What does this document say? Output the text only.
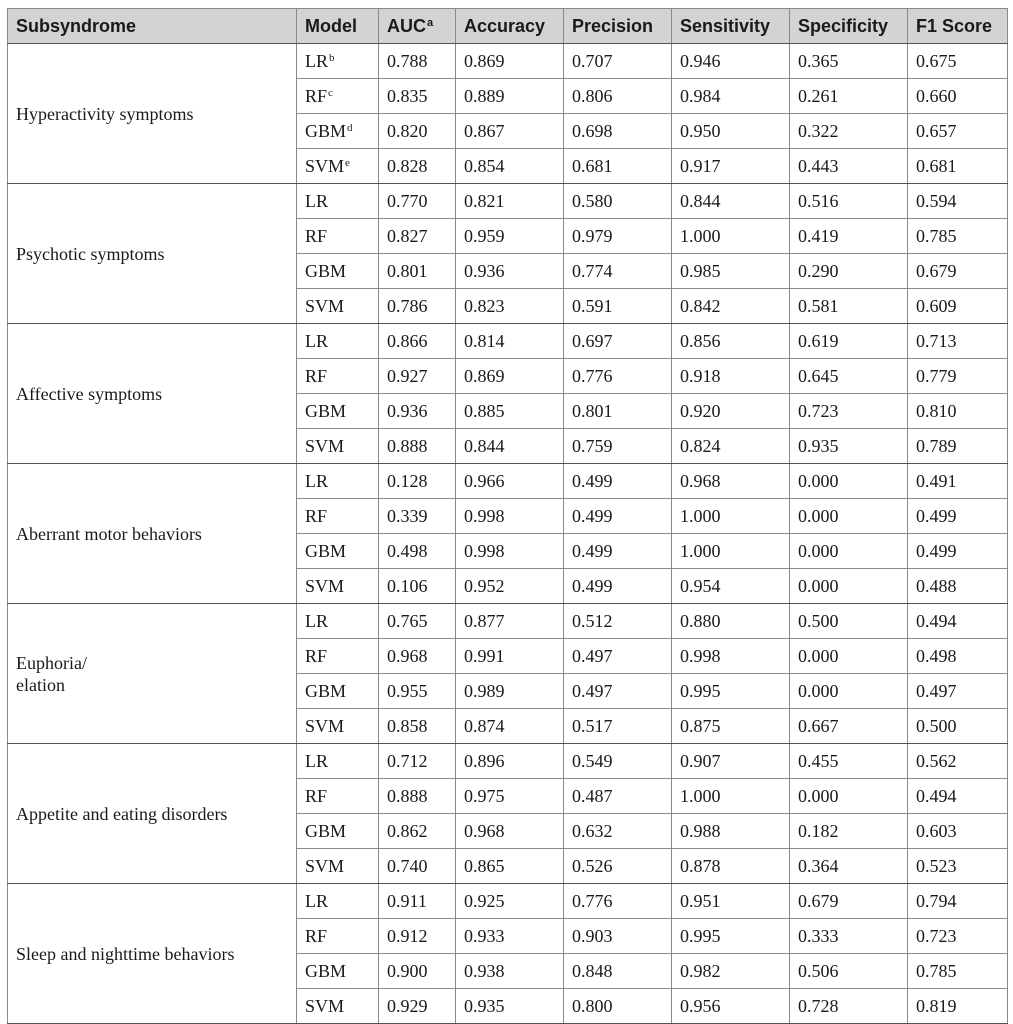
Subsyndrome	Model	AUC$^a$	Accuracy	Precision	Sensitivity	Specificity	F1 Score

Hyperactivity symptoms	$LR^b$	0.788	0.869	0.707	0.946	0.365	0.675
	$RF^c$	0.835	0.889	0.806	0.984	0.261	0.660
	GBM$^d$	0.820	0.867	0.698	0.950	0.322	0.657
	SVM$^e$	0.828	0.854	0.681	0.917	0.443	0.681

Psychotic symptoms	LR	0.770	0.821	0.580	0.844	0.516	0.594
	RF	0.827	0.959	0.979	1.000	0.419	0.785
	GBM	0.801	0.936	0.774	0.985	0.290	0.679
	SVM	0.786	0.823	0.591	0.842	0.581	0.609

Affective symptoms	LR	0.866	0.814	0.697	0.856	0.619	0.713
	RF	0.927	0.869	0.776	0.918	0.645	0.779
	GBM	0.936	0.885	0.801	0.920	0.723	0.810
	SVM	0.888	0.844	0.759	0.824	0.935	0.789

Aberrant motor behaviors	LR	0.128	0.966	0.499	0.968	0.000	0.491
	RF	0.339	0.998	0.499	1.000	0.000	0.499
	GBM	0.498	0.998	0.499	1.000	0.000	0.499
	SVM	0.106	0.952	0.499	0.954	0.000	0.488

Euphoria/
elation	LR	0.765	0.877	0.512	0.880	0.500	0.494
	RF	0.968	0.991	0.497	0.998	0.000	0.498
	GBM	0.955	0.989	0.497	0.995	0.000	0.497
	SVM	0.858	0.874	0.517	0.875	0.667	0.500

Appetite and eating disorders	LR	0.712	0.896	0.549	0.907	0.455	0.562
	RF	0.888	0.975	0.487	1.000	0.000	0.494
	GBM	0.862	0.968	0.632	0.988	0.182	0.603
	SVM	0.740	0.865	0.526	0.878	0.364	0.523

Sleep and nighttime behaviors	LR	0.911	0.925	0.776	0.951	0.679	0.794
	RF	0.912	0.933	0.903	0.995	0.333	0.723
	GBM	0.900	0.938	0.848	0.982	0.506	0.785
	SVM	0.929	0.935	0.800	0.956	0.728	0.819
